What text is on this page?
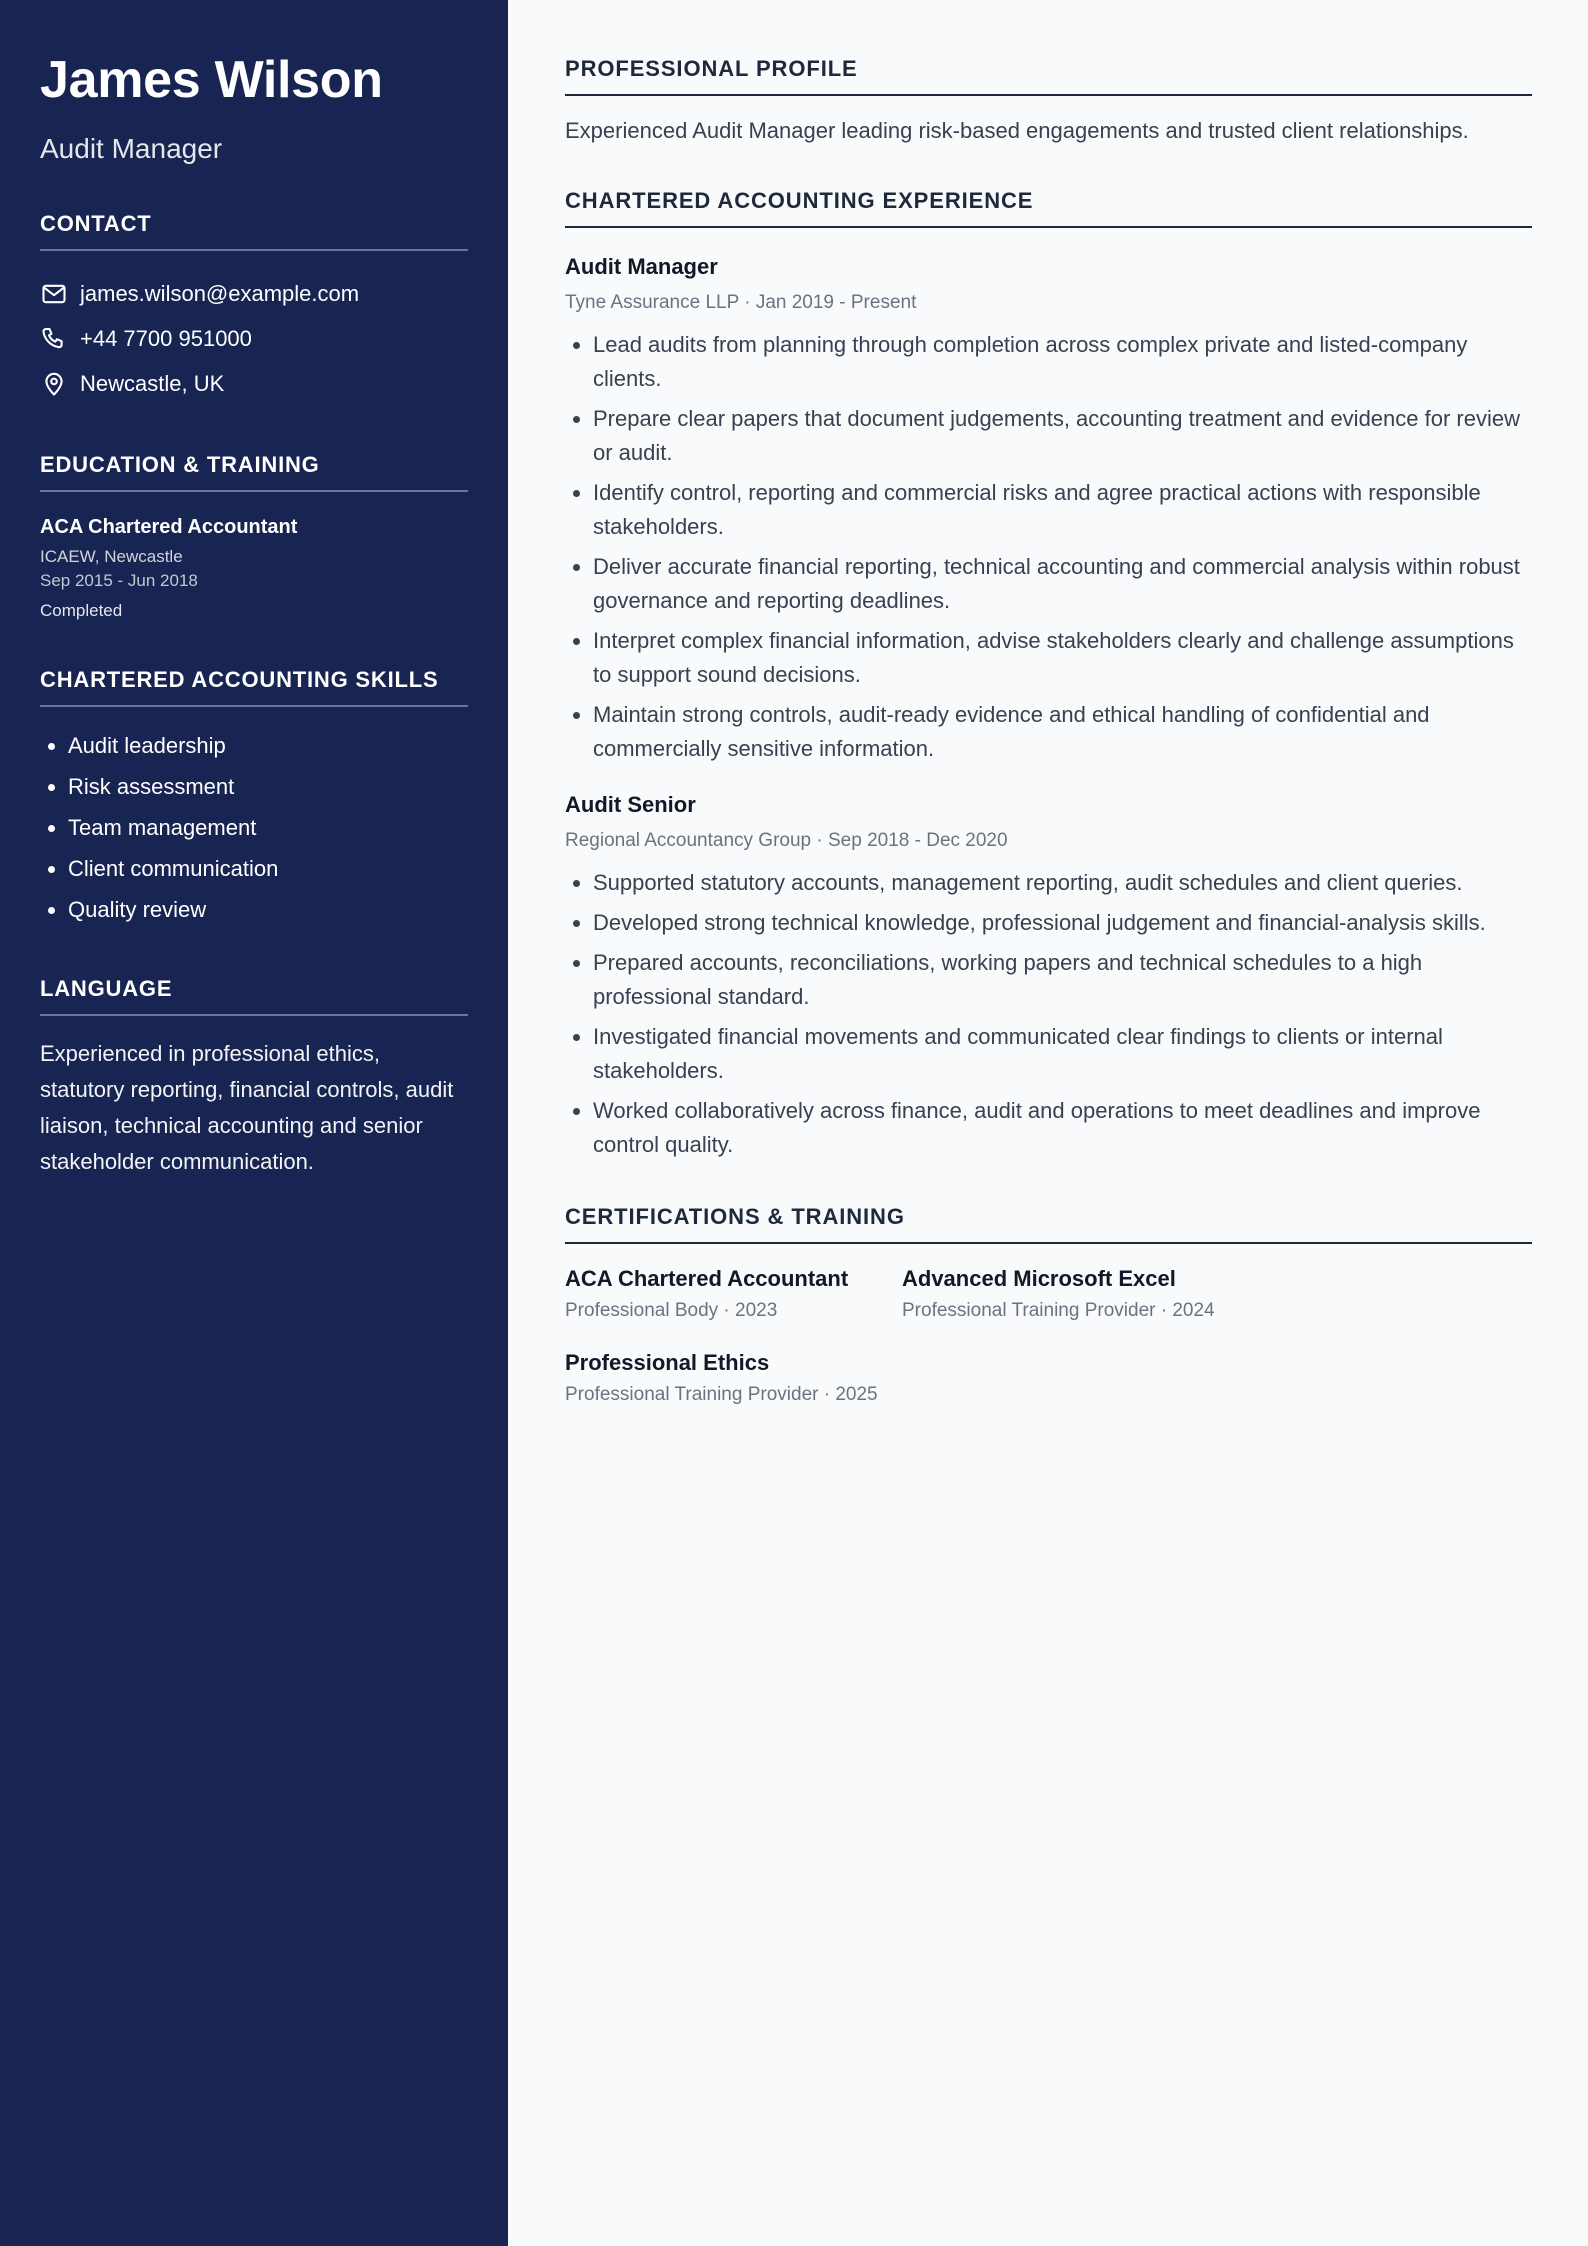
James Wilson
Audit Manager
CONTACT
james.wilson@example.com
+44 7700 951000
Newcastle, UK
EDUCATION & TRAINING
ACA Chartered Accountant
ICAEW, Newcastle
Sep 2015 - Jun 2018
Completed
CHARTERED ACCOUNTING SKILLS
• Audit leadership
• Risk assessment
• Team management
• Client communication
• Quality review
LANGUAGE

Experienced in professional ethics, statutory reporting, financial controls, audit liaison, technical accounting and senior stakeholder communication.

PROFESSIONAL PROFILE

Experienced Audit Manager leading risk-based engagements and trusted client relationships.

CHARTERED ACCOUNTING EXPERIENCE
Audit Manager
Tyne Assurance LLP · Jan 2019 - Present
• Lead audits from planning through completion across complex private and listed-company clients.
• Prepare clear papers that document judgements, accounting treatment and evidence for review or audit.
• Identify control, reporting and commercial risks and agree practical actions with responsible stakeholders.
• Deliver accurate financial reporting, technical accounting and commercial analysis within robust governance and reporting deadlines.
• Interpret complex financial information, advise stakeholders clearly and challenge assumptions to support sound decisions.
• Maintain strong controls, audit-ready evidence and ethical handling of confidential and commercially sensitive information.
Audit Senior
Regional Accountancy Group · Sep 2018 - Dec 2020
• Supported statutory accounts, management reporting, audit schedules and client queries.
• Developed strong technical knowledge, professional judgement and financial-analysis skills.
• Prepared accounts, reconciliations, working papers and technical schedules to a high professional standard.
• Investigated financial movements and communicated clear findings to clients or internal stakeholders.
• Worked collaboratively across finance, audit and operations to meet deadlines and improve control quality.
CERTIFICATIONS & TRAINING
ACA Chartered Accountant
Professional Body · 2023
Advanced Microsoft Excel
Professional Training Provider · 2024
Professional Ethics
Professional Training Provider · 2025
